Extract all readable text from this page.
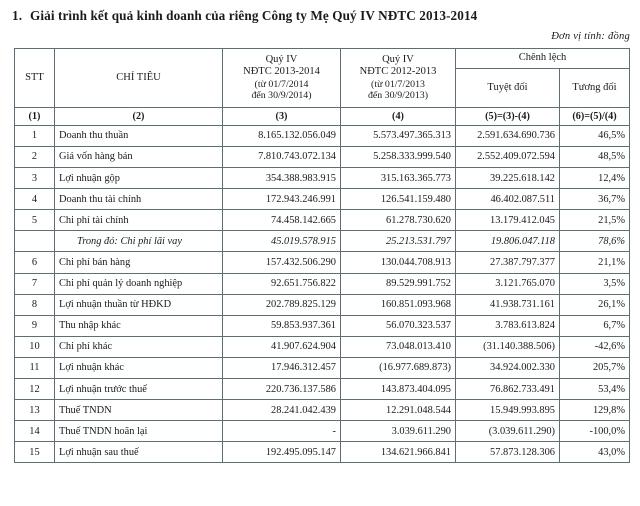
1. Giải trình kết quả kinh doanh của riêng Công ty Mẹ Quý IV NĐTC 2013-2014
Đơn vị tính: đồng
STT	CHỈ TIÊU	Quý IV
NĐTC 2013-2014
(từ 01/7/2014
đến 30/9/2014)	Quý IV
NĐTC 2012-2013
(từ 01/7/2013
đến 30/9/2013)	Chênh lệch	
				Tuyệt đối	Tương đối
(1)	(2)	(3)	(4)	(5)=(3)-(4)	(6)=(5)/(4)
1	Doanh thu thuần	8.165.132.056.049	5.573.497.365.313	2.591.634.690.736	46,5%
2	Giá vốn hàng bán	7.810.743.072.134	5.258.333.999.540	2.552.409.072.594	48,5%
3	Lợi nhuận gộp	354.388.983.915	315.163.365.773	39.225.618.142	12,4%
4	Doanh thu tài chính	172.943.246.991	126.541.159.480	46.402.087.511	36,7%
5	Chi phí tài chính	74.458.142.665	61.278.730.620	13.179.412.045	21,5%
	Trong đó: Chi phí lãi vay	45.019.578.915	25.213.531.797	19.806.047.118	78,6%
6	Chi phí bán hàng	157.432.506.290	130.044.708.913	27.387.797.377	21,1%
7	Chi phí quản lý doanh nghiệp	92.651.756.822	89.529.991.752	3.121.765.070	3,5%
8	Lợi nhuận thuần từ HĐKD	202.789.825.129	160.851.093.968	41.938.731.161	26,1%
9	Thu nhập khác	59.853.937.361	56.070.323.537	3.783.613.824	6,7%
10	Chi phí khác	41.907.624.904	73.048.013.410	(31.140.388.506)	-42,6%
11	Lợi nhuận khác	17.946.312.457	(16.977.689.873)	34.924.002.330	205,7%
12	Lợi nhuận trước thuế	220.736.137.586	143.873.404.095	76.862.733.491	53,4%
13	Thuế TNDN	28.241.042.439	12.291.048.544	15.949.993.895	129,8%
14	Thuế TNDN hoãn lại	-	3.039.611.290	(3.039.611.290)	-100,0%
15	Lợi nhuận sau thuế	192.495.095.147	134.621.966.841	57.873.128.306	43,0%
